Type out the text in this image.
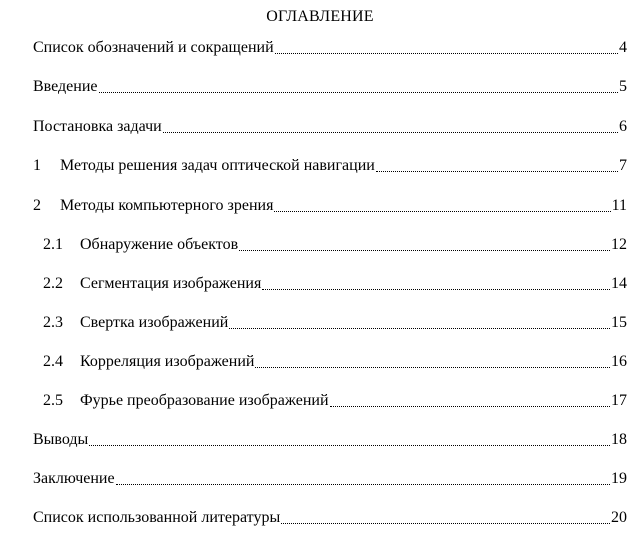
ОГЛАВЛЕНИЕ
Список обозначений и сокращений	4
Введение	5
Постановка задачи	6
1	Методы решения задач оптической навигации	7
2	Методы компьютерного зрения	11
2.1	Обнаружение объектов	12
2.2	Сегментация изображения	14
2.3	Свертка изображений	15
2.4	Корреляция изображений	16
2.5	Фурье преобразование изображений	17
Выводы	18
Заключение	19
Список использованной литературы	20
